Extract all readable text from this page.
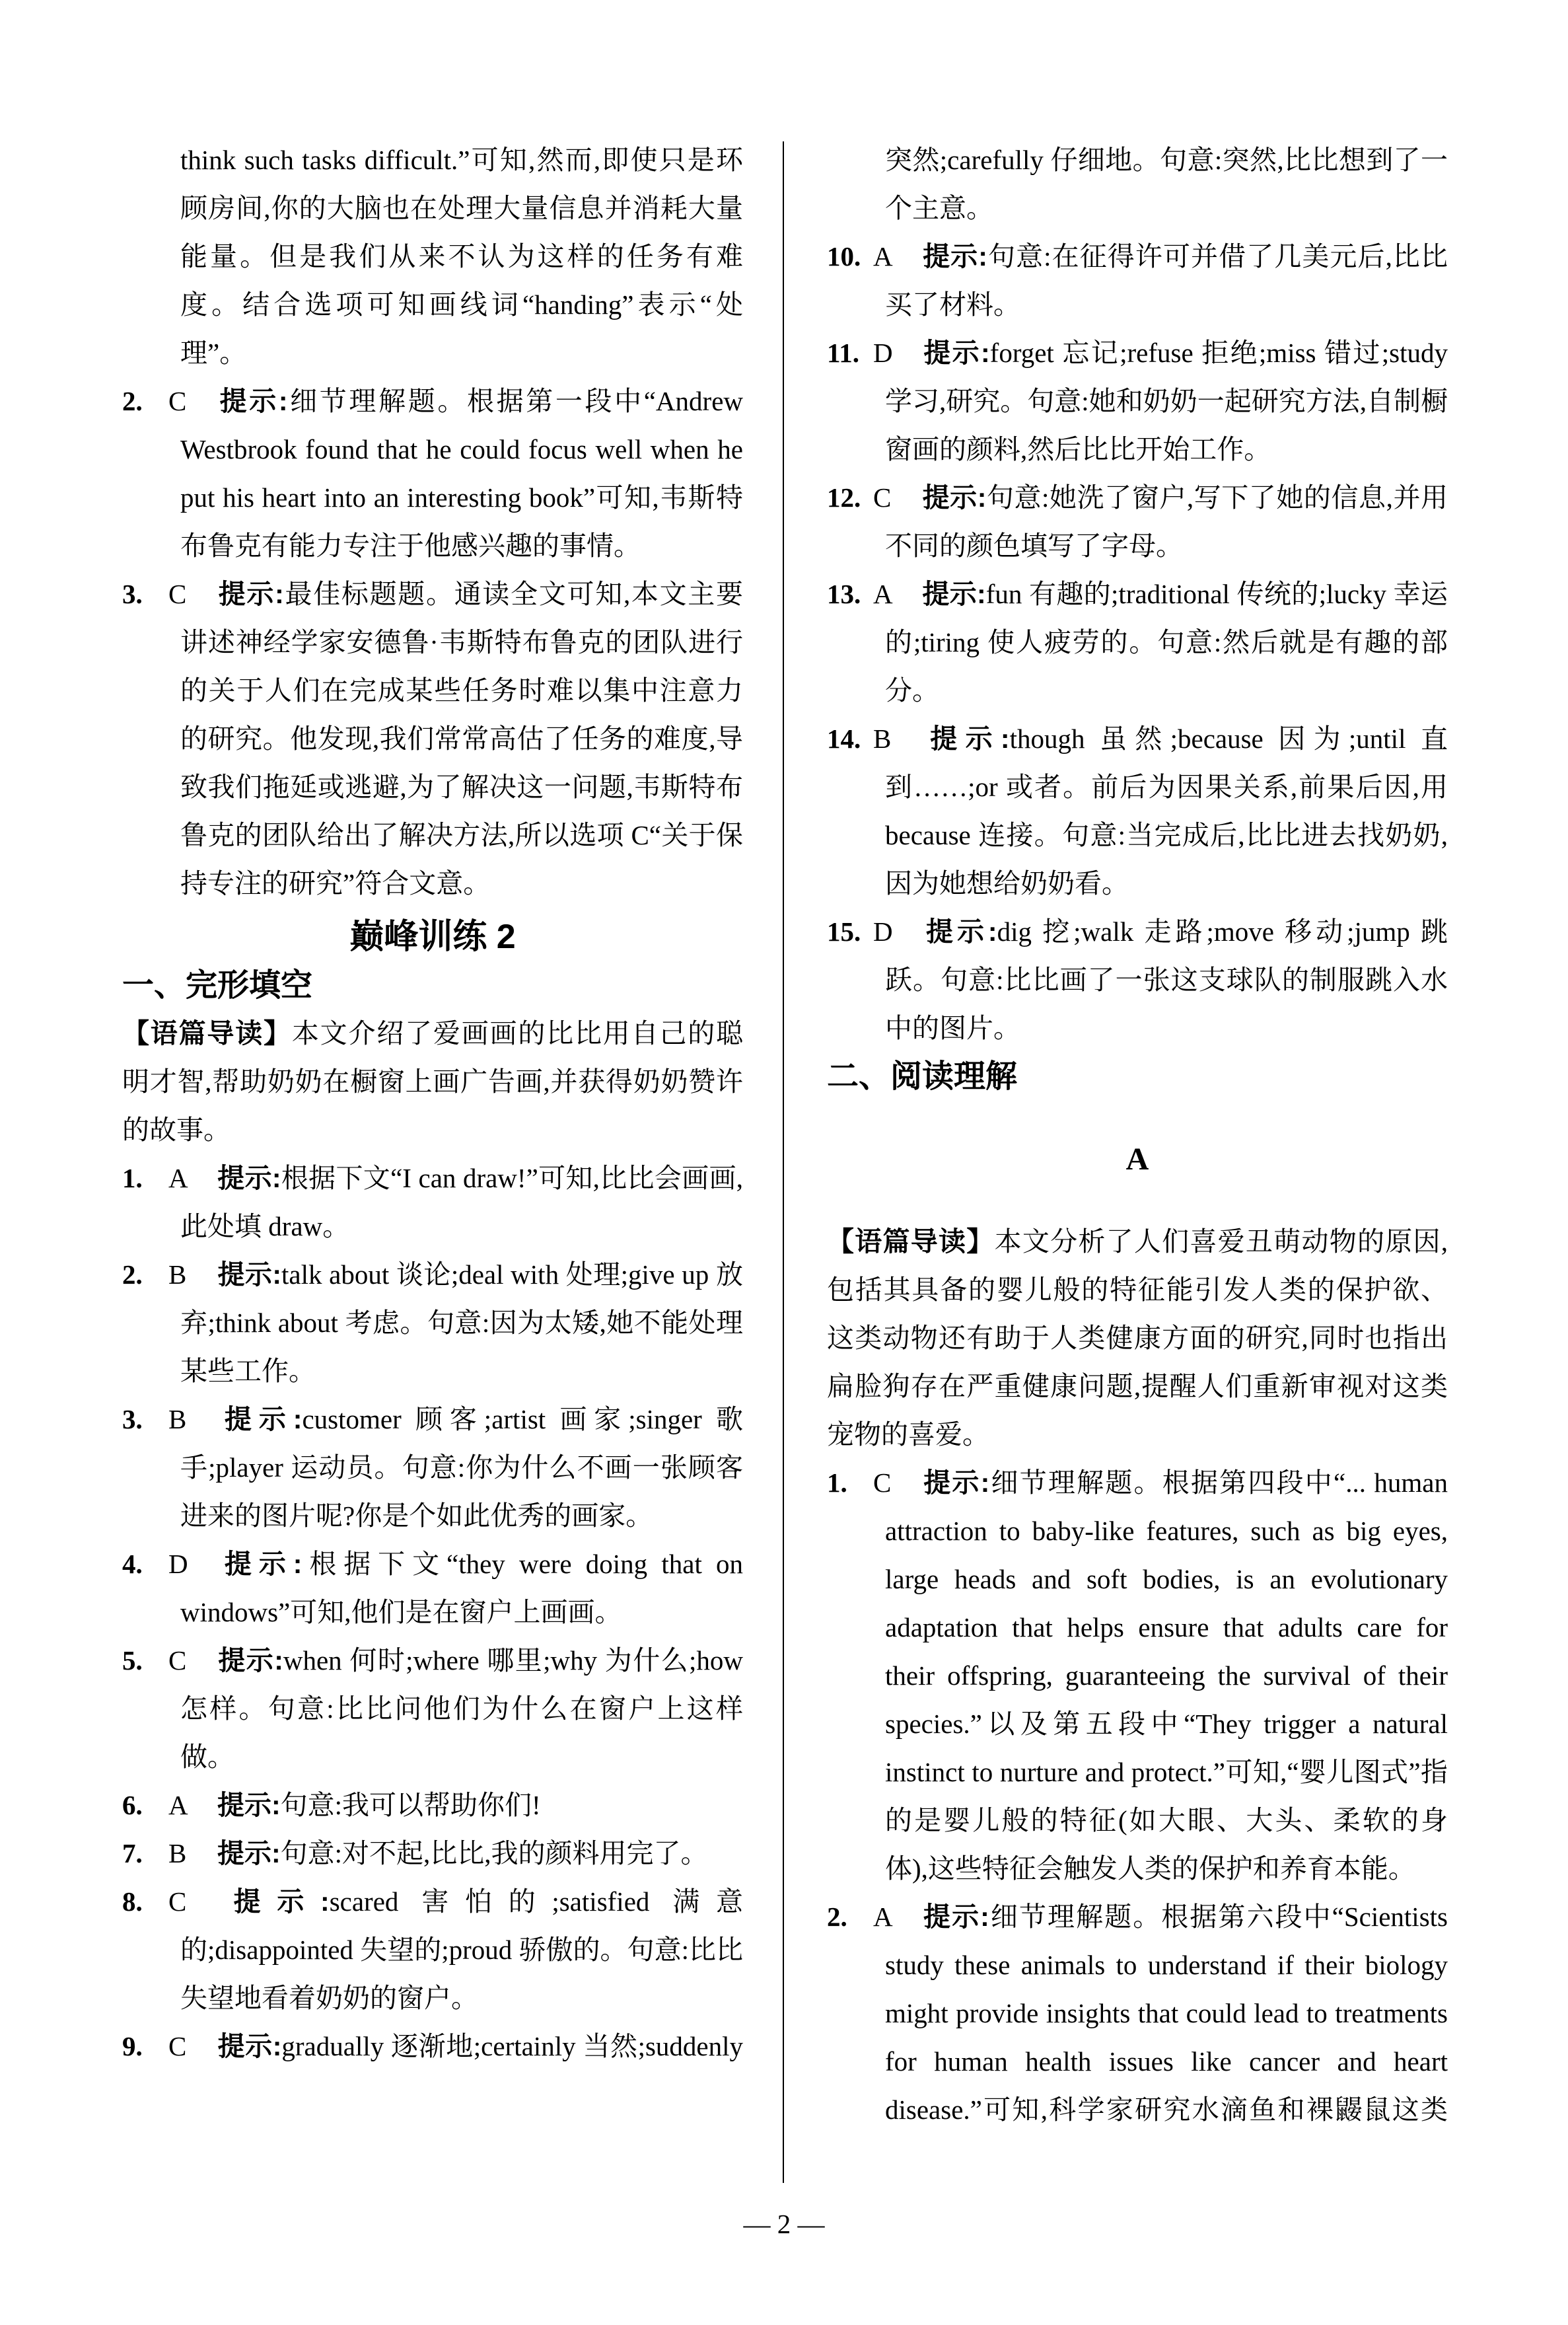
think such tasks difficult.”可知,然而,即使只是环顾房间,你的大脑也在处理大量信息并消耗大量能量。但是我们从来不认为这样的任务有难度。结合选项可知画线词“handing”表示“处理”。

2. C 提示:细节理解题。根据第一段中“Andrew Westbrook found that he could focus well when he put his heart into an interesting book”可知,韦斯特布鲁克有能力专注于他感兴趣的事情。

3. C 提示:最佳标题题。通读全文可知,本文主要讲述神经学家安德鲁·韦斯特布鲁克的团队进行的关于人们在完成某些任务时难以集中注意力的研究。他发现,我们常常高估了任务的难度,导致我们拖延或逃避,为了解决这一问题,韦斯特布鲁克的团队给出了解决方法,所以选项 C“关于保持专注的研究”符合文意。

巅峰训练 2
一、完形填空

【语篇导读】本文介绍了爱画画的比比用自己的聪明才智,帮助奶奶在橱窗上画广告画,并获得奶奶赞许的故事。

1. A 提示:根据下文“I can draw!”可知,比比会画画,此处填 draw。

2. B 提示:talk about 谈论;deal with 处理;give up 放弃;think about 考虑。句意:因为太矮,她不能处理某些工作。

3. B 提示:customer 顾客;artist 画家;singer 歌手;player 运动员。句意:你为什么不画一张顾客进来的图片呢?你是个如此优秀的画家。

4. D 提示:根据下文“they were doing that on windows”可知,他们是在窗户上画画。

5. C 提示:when 何时;where 哪里;why 为什么;how 怎样。句意:比比问他们为什么在窗户上这样做。

6. A 提示:句意:我可以帮助你们!

7. B 提示:句意:对不起,比比,我的颜料用完了。

8. C 提示:scared 害怕的;satisfied 满意的;disappointed 失望的;proud 骄傲的。句意:比比失望地看着奶奶的窗户。

9. C 提示:gradually 逐渐地;certainly 当然;suddenly

突然;carefully 仔细地。句意:突然,比比想到了一个主意。

10. A 提示:句意:在征得许可并借了几美元后,比比买了材料。

11. D 提示:forget 忘记;refuse 拒绝;miss 错过;study 学习,研究。句意:她和奶奶一起研究方法,自制橱窗画的颜料,然后比比开始工作。

12. C 提示:句意:她洗了窗户,写下了她的信息,并用不同的颜色填写了字母。

13. A 提示:fun 有趣的;traditional 传统的;lucky 幸运的;tiring 使人疲劳的。句意:然后就是有趣的部分。

14. B 提示:though 虽然;because 因为;until 直到……;or 或者。前后为因果关系,前果后因,用 because 连接。句意:当完成后,比比进去找奶奶,因为她想给奶奶看。

15. D 提示:dig 挖;walk 走路;move 移动;jump 跳跃。句意:比比画了一张这支球队的制服跳入水中的图片。

二、阅读理解

A

【语篇导读】本文分析了人们喜爱丑萌动物的原因,包括其具备的婴儿般的特征能引发人类的保护欲、这类动物还有助于人类健康方面的研究,同时也指出扁脸狗存在严重健康问题,提醒人们重新审视对这类宠物的喜爱。

1. C 提示:细节理解题。根据第四段中“... human attraction to baby-like features, such as big eyes, large heads and soft bodies, is an evolutionary adaptation that helps ensure that adults care for their offspring, guaranteeing the survival of their species.”以及第五段中“They trigger a natural instinct to nurture and protect.”可知,“婴儿图式”指的是婴儿般的特征(如大眼、大头、柔软的身体),这些特征会触发人类的保护和养育本能。

2. A 提示:细节理解题。根据第六段中“Scientists study these animals to understand if their biology might provide insights that could lead to treatments for human health issues like cancer and heart disease.”可知,科学家研究水滴鱼和裸鼹鼠这类

— 2 —
